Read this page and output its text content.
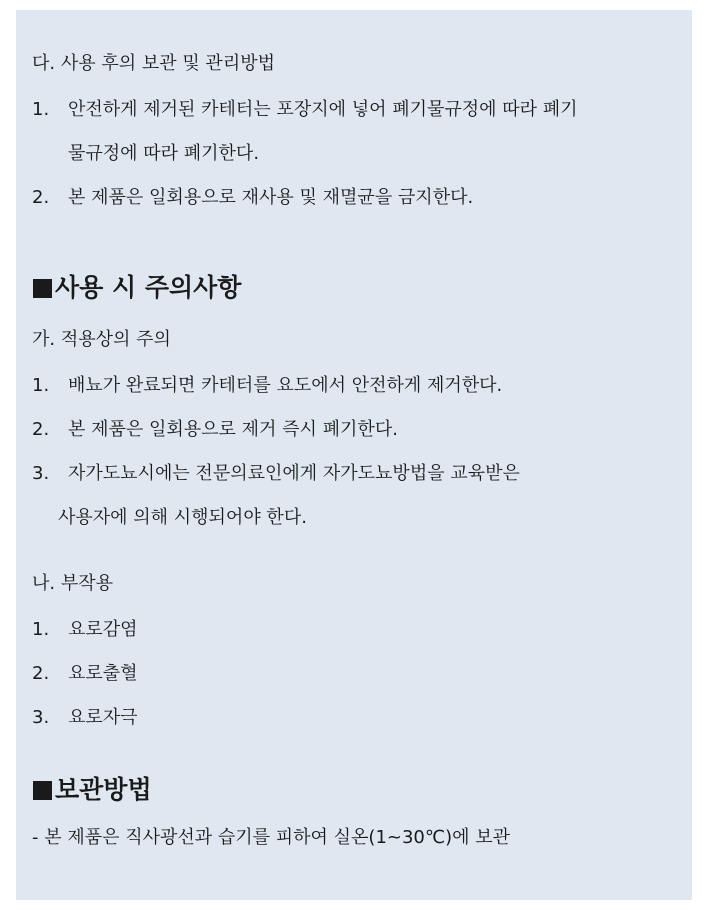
다. 사용 후의 보관 및 관리방법
1. 안전하게 제거된 카테터는 포장지에 넣어 폐기물규정에 따라 폐기
물규정에 따라 폐기한다.
2. 본 제품은 일회용으로 재사용 및 재멸균을 금지한다.
사용 시 주의사항
가. 적용상의 주의
1. 배뇨가 완료되면 카테터를 요도에서 안전하게 제거한다.
2. 본 제품은 일회용으로 제거 즉시 폐기한다.
3. 자가도뇨시에는 전문의료인에게 자가도뇨방법을 교육받은
사용자에 의해 시행되어야 한다.
나. 부작용
1. 요로감염
2. 요로출혈
3. 요로자극
보관방법
- 본 제품은 직사광선과 습기를 피하여 실온(1~30℃)에 보관
